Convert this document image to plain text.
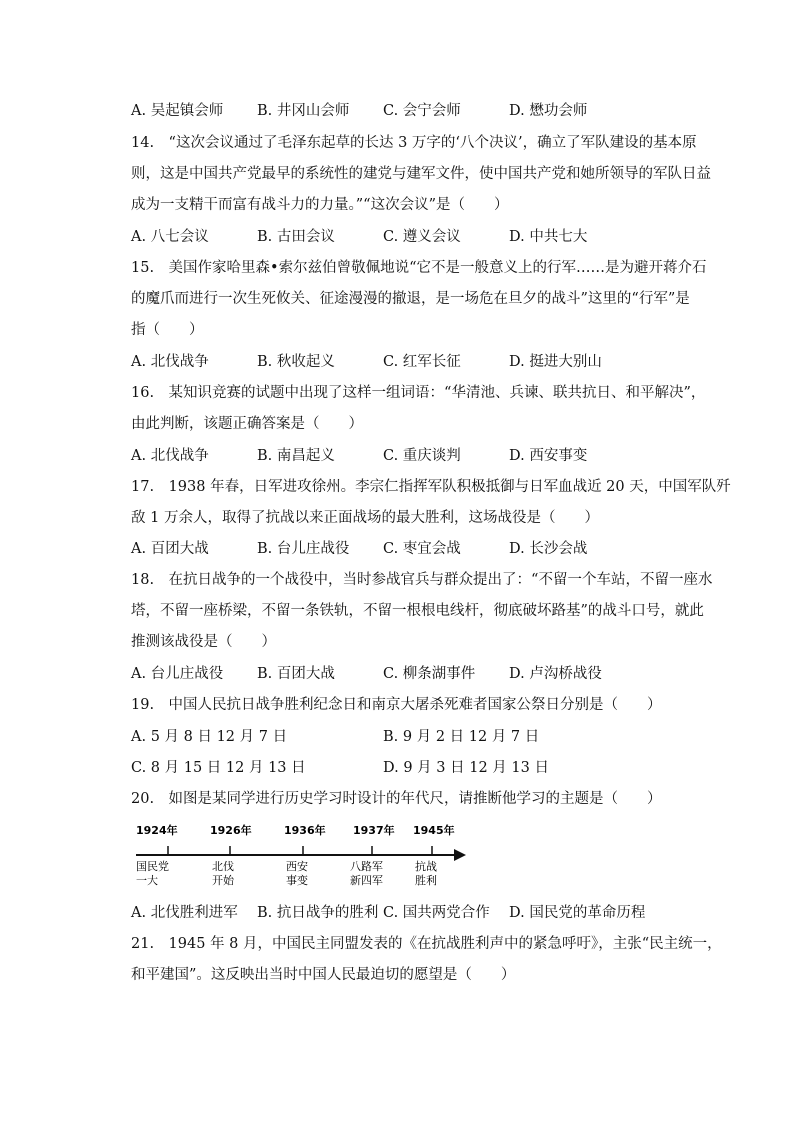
A. 吴起镇会师 B. 井冈山会师 C. 会宁会师	D. 懋功会师
14.　“这次会议通过了毛泽东起草的长达 3 万字的‘八个决议’，确立了军队建设的基本原
则，这是中国共产党最早的系统性的建党与建军文件，使中国共产党和她所领导的军队日益
成为一支精干而富有战斗力的力量。”“这次会议”是（　　）
A. 八七会议	B. 古田会议	C. 遵义会议	D. 中共七大
15.　美国作家哈里森•索尔兹伯曾敬佩地说“它不是一般意义上的行军……是为避开蒋介石
的魔爪而进行一次生死攸关、征途漫漫的撤退，是一场危在旦夕的战斗”这里的“行军”是
指（　　）
A. 北伐战争	B. 秋收起义	C. 红军长征	D. 挺进大别山
16.　某知识竞赛的试题中出现了这样一组词语：“华清池、兵谏、联共抗日、和平解决”，
由此判断，该题正确答案是（　　）
A. 北伐战争	B. 南昌起义	C. 重庆谈判	D. 西安事变
17.　1938 年春，日军进攻徐州。李宗仁指挥军队积极抵御与日军血战近 20 天，中国军队歼
敌 1 万余人，取得了抗战以来正面战场的最大胜利，这场战役是（　　）
A. 百团大战	B. 台儿庄战役 C. 枣宜会战	D. 长沙会战
18.　在抗日战争的一个战役中，当时参战官兵与群众提出了：“不留一个车站，不留一座水
塔，不留一座桥梁，不留一条铁轨，不留一根根电线杆，彻底破坏路基”的战斗口号，就此
推测该战役是（　　）
A. 台儿庄战役 B. 百团大战	C. 柳条湖事件 D. 卢沟桥战役
19.　中国人民抗日战争胜利纪念日和南京大屠杀死难者国家公祭日分别是（　　）
A. 5 月 8 日 12 月 7 日	B. 9 月 2 日 12 月 7 日
C. 8 月 15 日 12 月 13 日	D. 9 月 3 日 12 月 13 日
20.　如图是某同学进行历史学习时设计的年代尺，请推断他学习的主题是（　　）
1924年	1926年	1936年 1937年 1945年
国民党
一大
北伐
开始
西安
事变
八路军
新四军
抗战
胜利
A. 北伐胜利进军 B. 抗日战争的胜利 C. 国共两党合作 D. 国民党的革命历程
21.　1945 年 8 月，中国民主同盟发表的《在抗战胜利声中的紧急呼吁》，主张“民主统一，
和平建国”。这反映出当时中国人民最迫切的愿望是（　　）
